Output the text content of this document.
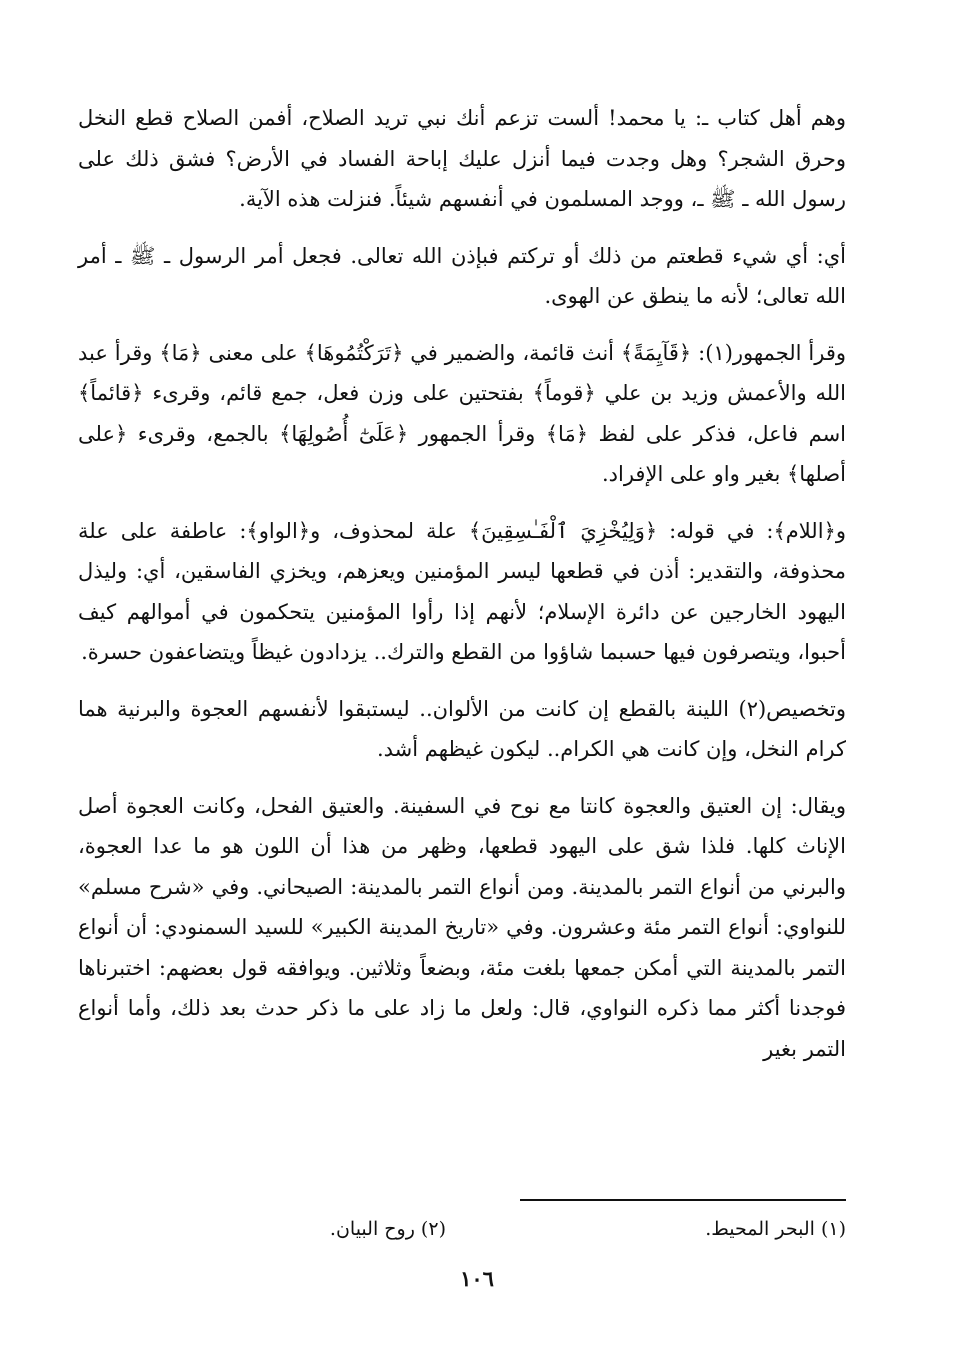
وهم أهل كتاب ـ: يا محمد! ألست تزعم أنك نبي تريد الصلاح، أفمن الصلاح قطع النخل وحرق الشجر؟ وهل وجدت فيما أنزل عليك إباحة الفساد في الأرض؟ فشق ذلك على رسول الله ـ ﷺ ـ، ووجد المسلمون في أنفسهم شيئاً. فنزلت هذه الآية.

أي: أي شيء قطعتم من ذلك أو تركتم فبإذن الله تعالى. فجعل أمر الرسول ـ ﷺ ـ أمر الله تعالى؛ لأنه ما ينطق عن الهوى.

وقرأ الجمهور(١): ﴿قَآيِمَةً﴾ أنث قائمة، والضمير في ﴿تَرَكْتُمُوهَا﴾ على معنى ﴿مَا﴾ وقرأ عبد الله والأعمش وزيد بن علي ﴿قوماً﴾ بفتحتين على وزن فعل، جمع قائم، وقرىء ﴿قائماً﴾ اسم فاعل، فذكر على لفظ ﴿مَا﴾ وقرأ الجمهور ﴿عَلَىٰٓ أُصُولِهَا﴾ بالجمع، وقرىء ﴿على أصلها﴾ بغير واو على الإفراد.

و﴿اللام﴾: في قوله: ﴿وَلِيُخْزِيَ ٱلْفَـٰسِقِينَ﴾ علة لمحذوف، و﴿الواو﴾: عاطفة على علة محذوفة، والتقدير: أذن في قطعها ليسر المؤمنين ويعزهم، ويخزي الفاسقين، أي: وليذل اليهود الخارجين عن دائرة الإسلام؛ لأنهم إذا رأوا المؤمنين يتحكمون في أموالهم كيف أحبوا، ويتصرفون فيها حسبما شاؤوا من القطع والترك.. يزدادون غيظاً ويتضاعفون حسرة.

وتخصيص(٢) اللينة بالقطع إن كانت من الألوان.. ليستبقوا لأنفسهم العجوة والبرنية هما كرام النخل، وإن كانت هي الكرام.. ليكون غيظهم أشد.

ويقال: إن العتيق والعجوة كانتا مع نوح في السفينة. والعتيق الفحل، وكانت العجوة أصل الإناث كلها. فلذا شق على اليهود قطعها، وظهر من هذا أن اللون هو ما عدا العجوة، والبرني من أنواع التمر بالمدينة. ومن أنواع التمر بالمدينة: الصيحاني. وفي «شرح مسلم» للنواوي: أنواع التمر مئة وعشرون. وفي «تاريخ المدينة الكبير» للسيد السمنودي: أن أنواع التمر بالمدينة التي أمكن جمعها بلغت مئة، وبضعاً وثلاثين. ويوافقه قول بعضهم: اختبرناها فوجدنا أكثر مما ذكره النواوي، قال: ولعل ما زاد على ما ذكر حدث بعد ذلك، وأما أنواع التمر بغير

(١) البحر المحيط.
(٢) روح البيان.
١٠٦
